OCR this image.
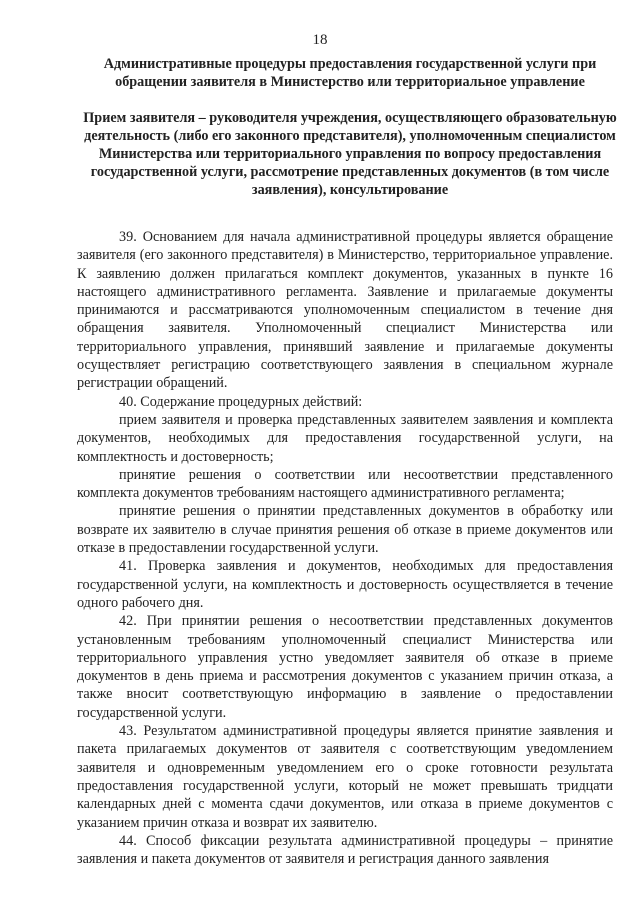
18
Административные процедуры предоставления государственной услуги при обращении заявителя в Министерство или территориальное управление
Прием заявителя – руководителя учреждения, осуществляющего образовательную деятельность (либо его законного представителя), уполномоченным специалистом Министерства или территориального управления по вопросу предоставления государственной услуги, рассмотрение представленных документов (в том числе заявления), консультирование

39. Основанием для начала административной процедуры является обращение заявителя (его законного представителя) в Министерство, территориальное управление. К заявлению должен прилагаться комплект документов, указанных в пункте 16 настоящего административного регламента. Заявление и прилагаемые документы принимаются и рассматриваются уполномоченным специалистом в течение дня обращения заявителя. Уполномоченный специалист Министерства или территориального управления, принявший заявление и прилагаемые документы осуществляет регистрацию соответствующего заявления в специальном журнале регистрации обращений.

40. Содержание процедурных действий:

прием заявителя и проверка представленных заявителем заявления и комплекта документов, необходимых для предоставления государственной услуги, на комплектность и достоверность;

принятие решения о соответствии или несоответствии представленного комплекта документов требованиям настоящего административного регламента;

принятие решения о принятии представленных документов в обработку или возврате их заявителю в случае принятия решения об отказе в приеме документов или отказе в предоставлении государственной услуги.

41. Проверка заявления и документов, необходимых для предоставления государственной услуги, на комплектность и достоверность осуществляется в течение одного рабочего дня.

42. При принятии решения о несоответствии представленных документов установленным требованиям уполномоченный специалист Министерства или территориального управления устно уведомляет заявителя об отказе в приеме документов в день приема и рассмотрения документов с указанием причин отказа, а также вносит соответствующую информацию в заявление о предоставлении государственной услуги.

43. Результатом административной процедуры является принятие заявления и пакета прилагаемых документов от заявителя с соответствующим уведомлением заявителя и одновременным уведомлением его о сроке готовности результата предоставления государственной услуги, который не может превышать тридцати календарных дней с момента сдачи документов, или отказа в приеме документов с указанием причин отказа и возврат их заявителю.

44. Способ фиксации результата административной процедуры – принятие заявления и пакета документов от заявителя и регистрация данного заявления
